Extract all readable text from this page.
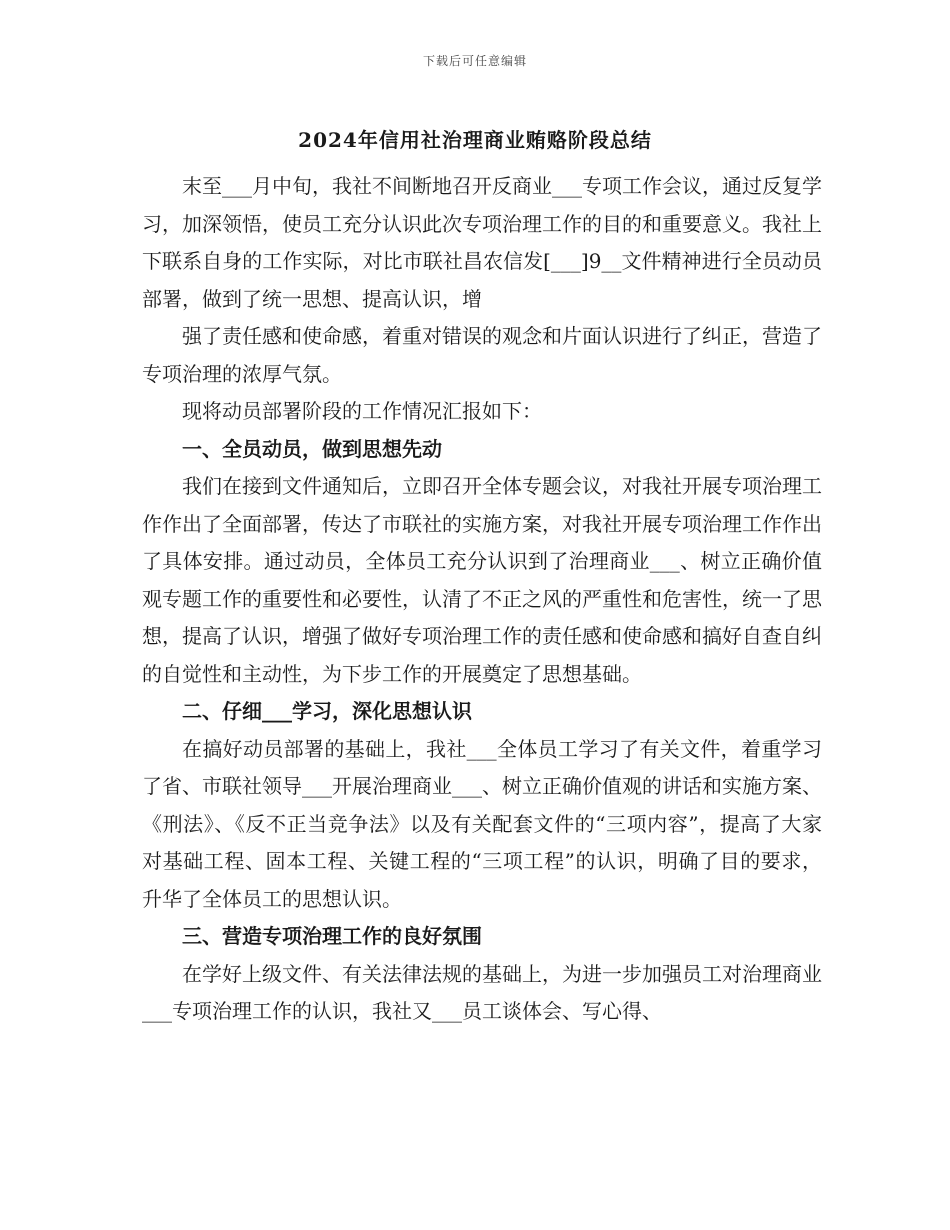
下载后可任意编辑
2024年信用社治理商业贿赂阶段总结

末至___月中旬，我社不间断地召开反商业___专项工作会议，通过反复学习，加深领悟，使员工充分认识此次专项治理工作的目的和重要意义。我社上下联系自身的工作实际，对比市联社昌农信发[___]9__文件精神进行全员动员部署，做到了统一思想、提高认识，增

强了责任感和使命感，着重对错误的观念和片面认识进行了纠正，营造了专项治理的浓厚气氛。

现将动员部署阶段的工作情况汇报如下：

一、全员动员，做到思想先动

我们在接到文件通知后，立即召开全体专题会议，对我社开展专项治理工作作出了全面部署，传达了市联社的实施方案，对我社开展专项治理工作作出了具体安排。通过动员，全体员工充分认识到了治理商业___、树立正确价值观专题工作的重要性和必要性，认清了不正之风的严重性和危害性，统一了思想，提高了认识，增强了做好专项治理工作的责任感和使命感和搞好自查自纠的自觉性和主动性，为下步工作的开展奠定了思想基础。

二、仔细___学习，深化思想认识

在搞好动员部署的基础上，我社___全体员工学习了有关文件，着重学习了省、市联社领导___开展治理商业___、树立正确价值观的讲话和实施方案、《刑法》、《反不正当竞争法》以及有关配套文件的“三项内容”，提高了大家对基础工程、固本工程、关键工程的“三项工程”的认识，明确了目的要求，升华了全体员工的思想认识。

三、营造专项治理工作的良好氛围

在学好上级文件、有关法律法规的基础上，为进一步加强员工对治理商业___专项治理工作的认识，我社又___员工谈体会、写心得、
